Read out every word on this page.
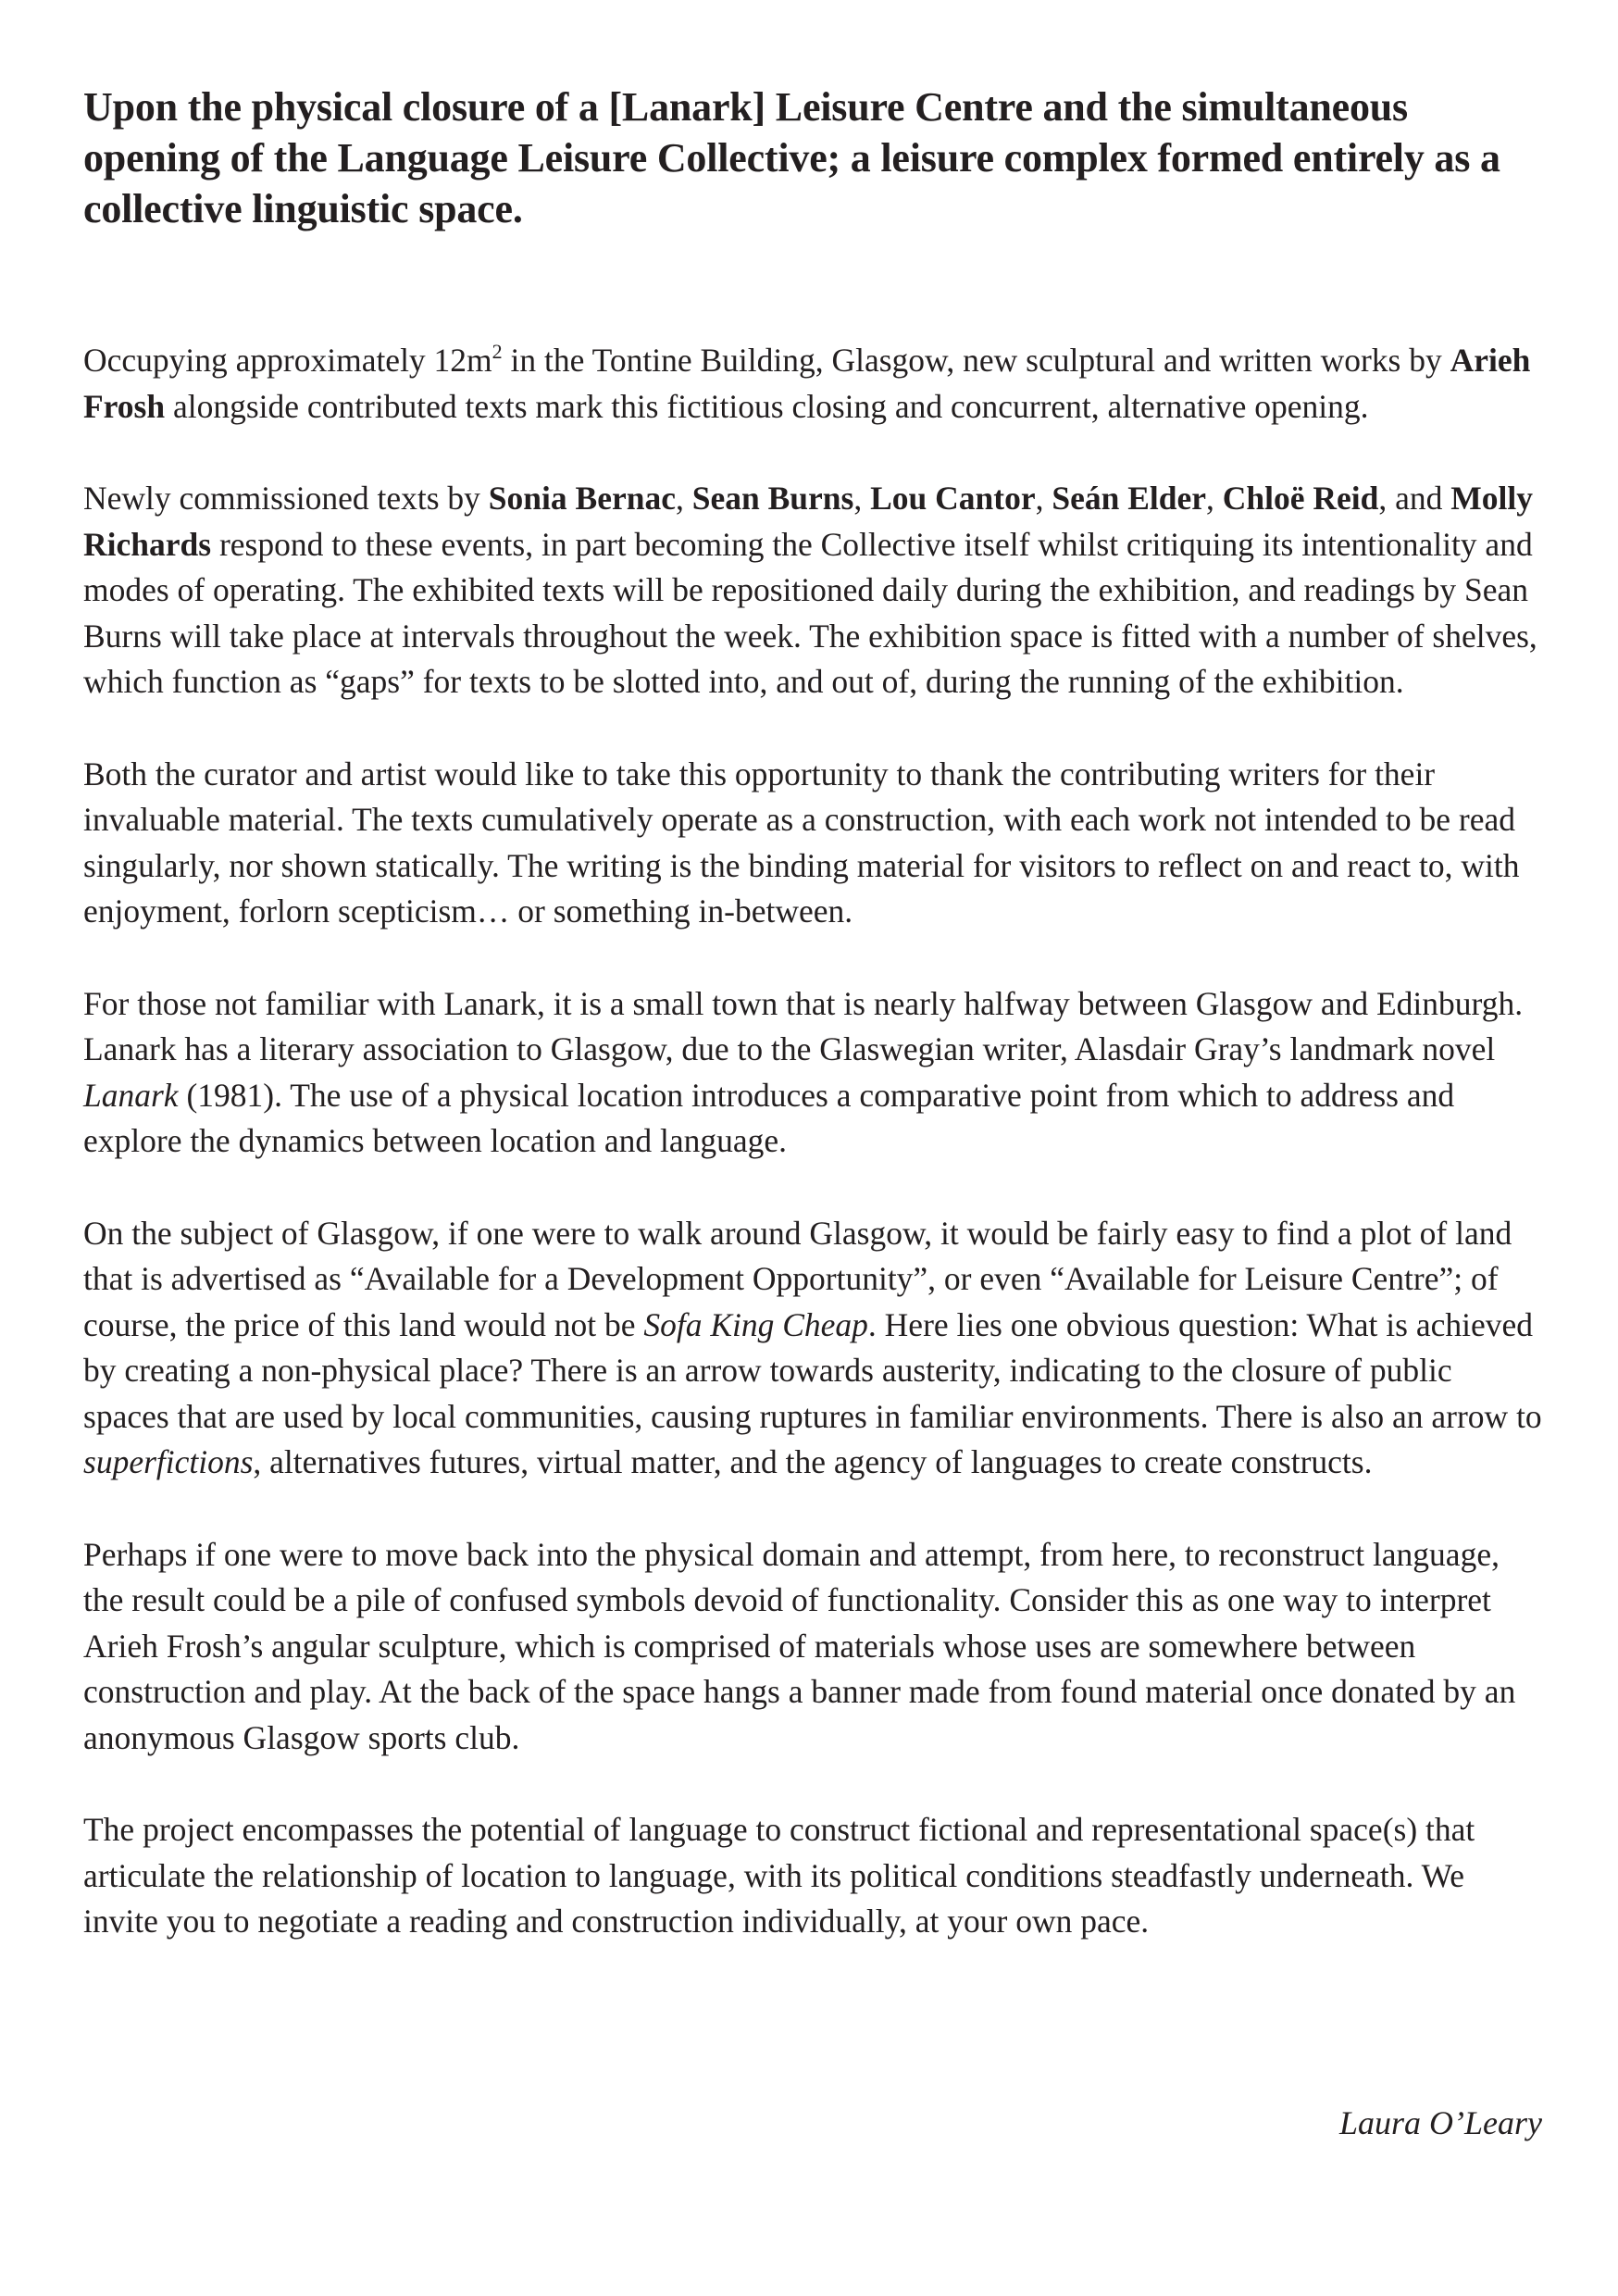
Upon the physical closure of a [Lanark] Leisure Centre and the simultaneous opening of the Language Leisure Collective; a leisure complex formed entirely as a collective linguistic space.

Occupying approximately $12m^2$ in the Tontine Building, Glasgow, new sculptural and written works by Arieh Frosh alongside contributed texts mark this fictitious closing and concurrent, alternative opening.

Newly commissioned texts by Sonia Bernac, Sean Burns, Lou Cantor, Seán Elder, Chloë Reid, and Molly Richards respond to these events, in part becoming the Collective itself whilst critiquing its intentionality and modes of operating. The exhibited texts will be repositioned daily during the exhibition, and readings by Sean Burns will take place at intervals throughout the week. The exhibition space is fitted with a number of shelves, which function as “gaps” for texts to be slotted into, and out of, during the running of the exhibition.

Both the curator and artist would like to take this opportunity to thank the contributing writers for their invaluable material. The texts cumulatively operate as a construction, with each work not intended to be read singularly, nor shown statically. The writing is the binding material for visitors to reflect on and react to, with enjoyment, forlorn scepticism… or something in-between.

For those not familiar with Lanark, it is a small town that is nearly halfway between Glasgow and Edinburgh. Lanark has a literary association to Glasgow, due to the Glaswegian writer, Alasdair Gray’s landmark novel Lanark (1981). The use of a physical location introduces a comparative point from which to address and explore the dynamics between location and language.

On the subject of Glasgow, if one were to walk around Glasgow, it would be fairly easy to find a plot of land that is advertised as “Available for a Development Opportunity”, or even “Available for Leisure Centre”; of course, the price of this land would not be Sofa King Cheap. Here lies one obvious question: What is achieved by creating a non-physical place? There is an arrow towards austerity, indicating to the closure of public spaces that are used by local communities, causing ruptures in familiar environments. There is also an arrow to superfictions, alternatives futures, virtual matter, and the agency of languages to create constructs.

Perhaps if one were to move back into the physical domain and attempt, from here, to reconstruct language, the result could be a pile of confused symbols devoid of functionality. Consider this as one way to interpret Arieh Frosh’s angular sculpture, which is comprised of materials whose uses are somewhere between construction and play. At the back of the space hangs a banner made from found material once donated by an anonymous Glasgow sports club.

The project encompasses the potential of language to construct fictional and representational space(s) that articulate the relationship of location to language, with its political conditions steadfastly underneath. We invite you to negotiate a reading and construction individually, at your own pace.

Laura O’Leary
